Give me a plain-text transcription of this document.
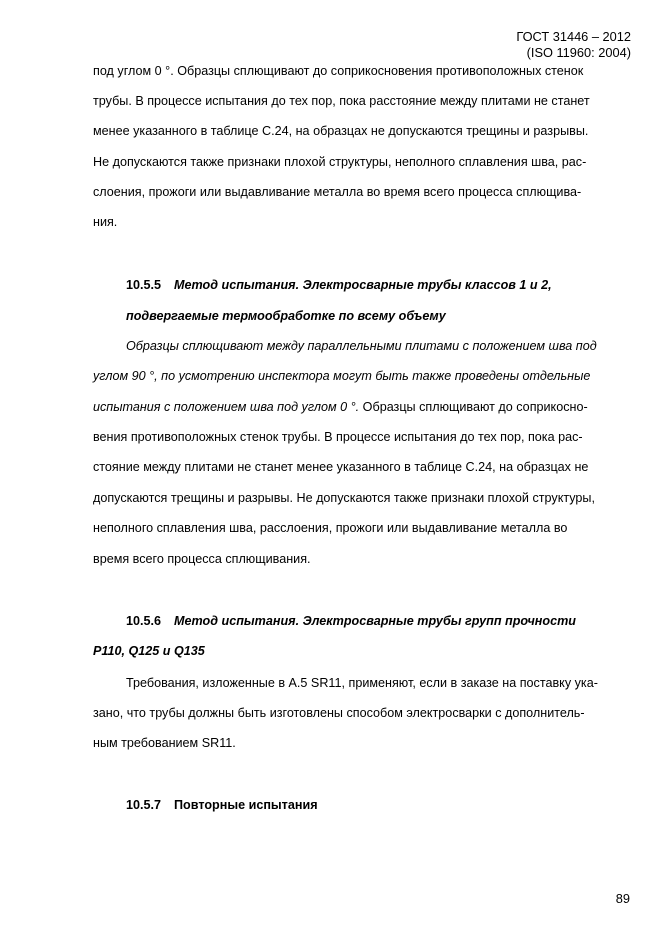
ГОСТ 31446 – 2012
(ISO 11960: 2004)
под углом 0 °. Образцы сплющивают до соприкосновения противоположных стенок
трубы. В процессе испытания до тех пор, пока расстояние между плитами не станет
менее указанного в таблице С.24, на образцах не допускаются трещины и разрывы.
Не допускаются также признаки плохой структуры, неполного сплавления шва, рас-
слоения, прожоги или выдавливание металла во время всего процесса сплющива-
ния.
10.5.5 Метод испытания. Электросварные трубы классов 1 и 2,
подвергаемые термообработке по всему объему
Образцы сплющивают между параллельными плитами с положением шва под
углом 90 °, по усмотрению инспектора могут быть также проведены отдельные
испытания с положением шва под углом 0 °. Образцы сплющивают до соприкосно-
вения противоположных стенок трубы. В процессе испытания до тех пор, пока рас-
стояние между плитами не станет менее указанного в таблице С.24, на образцах не
допускаются трещины и разрывы. Не допускаются также признаки плохой структуры,
неполного сплавления шва, расслоения, прожоги или выдавливание металла во
время всего процесса сплющивания.
10.5.6 Метод испытания. Электросварные трубы групп прочности
P110, Q125 и Q135
Требования, изложенные в А.5 SR11, применяют, если в заказе на поставку ука-
зано, что трубы должны быть изготовлены способом электросварки с дополнитель-
ным требованием SR11.
10.5.7 Повторные испытания
89
